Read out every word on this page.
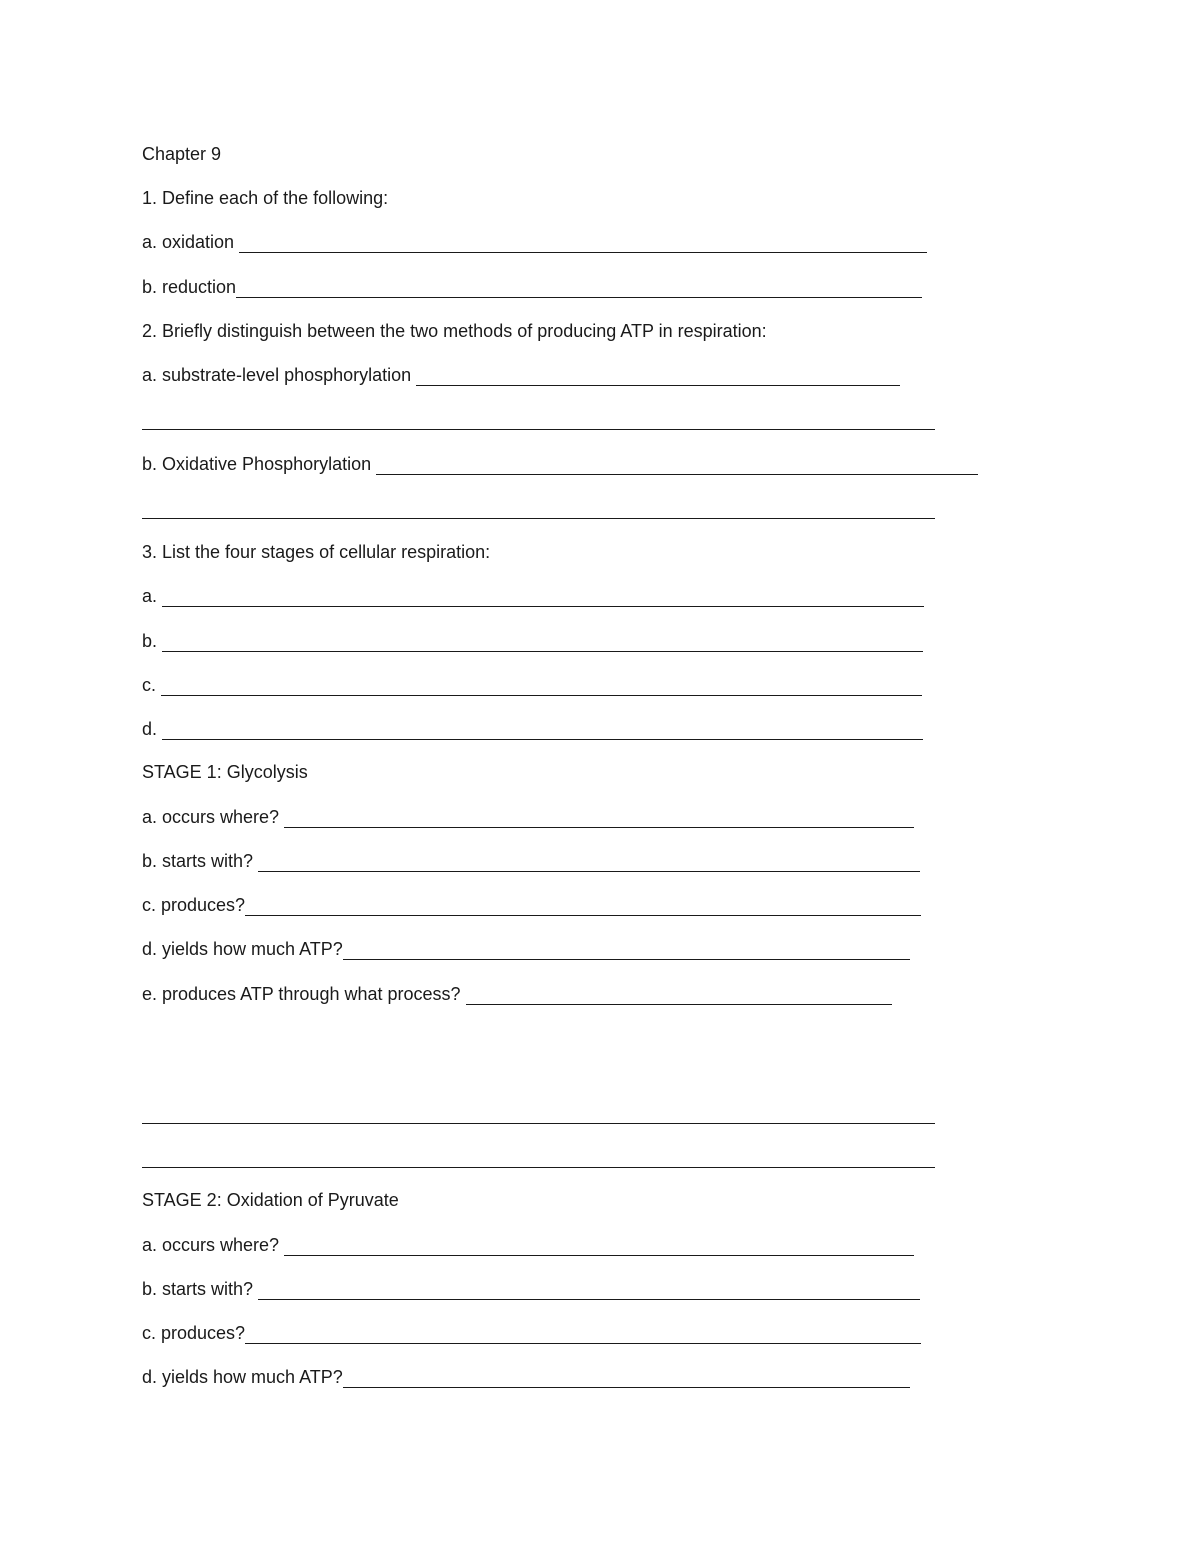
Chapter 9
1. Define each of the following:
a. oxidation
b. reduction
2. Briefly distinguish between the two methods of producing ATP in respiration:
a. substrate-level phosphorylation
b. Oxidative Phosphorylation
3. List the four stages of cellular respiration:
a.
b.
c.
d.
STAGE 1: Glycolysis
a. occurs where?
b. starts with?
c. produces?
d. yields how much ATP?
e. produces ATP through what process?
STAGE 2: Oxidation of Pyruvate
a. occurs where?
b. starts with?
c. produces?
d. yields how much ATP?
